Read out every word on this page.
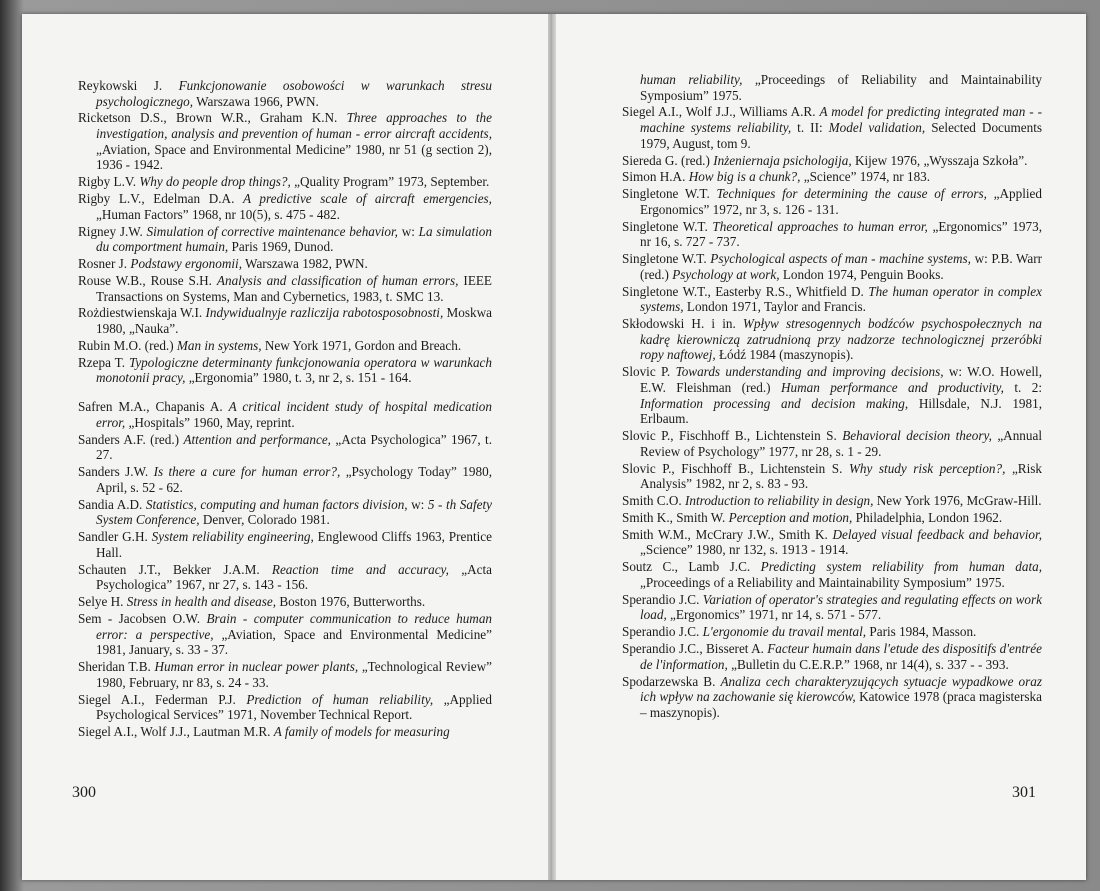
Reykowski J. Funkcjonowanie osobowości w warunkach stresu psychologicznego, Warszawa 1966, PWN.

Ricketson D.S., Brown W.R., Graham K.N. Three approaches to the investigation, analysis and prevention of human - error aircraft accidents, „Aviation, Space and Environmental Medicine” 1980, nr 51 (g section 2), 1936 - 1942.

Rigby L.V. Why do people drop things?, „Quality Program” 1973, September.

Rigby L.V., Edelman D.A. A predictive scale of aircraft emergencies, „Human Factors” 1968, nr 10(5), s. 475 - 482.

Rigney J.W. Simulation of corrective maintenance behavior, w: La simulation du comportment humain, Paris 1969, Dunod.

Rosner J. Podstawy ergonomii, Warszawa 1982, PWN.

Rouse W.B., Rouse S.H. Analysis and classification of human errors, IEEE Transactions on Systems, Man and Cybernetics, 1983, t. SMC 13.

Rożdiestwienskaja W.I. Indywidualnyje razliczija rabotosposobnosti, Moskwa 1980, „Nauka”.

Rubin M.O. (red.) Man in systems, New York 1971, Gordon and Breach.

Rzepa T. Typologiczne determinanty funkcjonowania operatora w warunkach monotonii pracy, „Ergonomia” 1980, t. 3, nr 2, s. 151 - 164.

Safren M.A., Chapanis A. A critical incident study of hospital medication error, „Hospitals” 1960, May, reprint.

Sanders A.F. (red.) Attention and performance, „Acta Psychologica” 1967, t. 27.

Sanders J.W. Is there a cure for human error?, „Psychology Today” 1980, April, s. 52 - 62.

Sandia A.D. Statistics, computing and human factors division, w: 5 - th Safety System Conference, Denver, Colorado 1981.

Sandler G.H. System reliability engineering, Englewood Cliffs 1963, Prentice Hall.

Schauten J.T., Bekker J.A.M. Reaction time and accuracy, „Acta Psychologica” 1967, nr 27, s. 143 - 156.

Selye H. Stress in health and disease, Boston 1976, Butterworths.

Sem - Jacobsen O.W. Brain - computer communication to reduce human error: a perspective, „Aviation, Space and Environmental Medicine” 1981, January, s. 33 - 37.

Sheridan T.B. Human error in nuclear power plants, „Technological Review” 1980, February, nr 83, s. 24 - 33.

Siegel A.I., Federman P.J. Prediction of human reliability, „Applied Psychological Services” 1971, November Technical Report.

Siegel A.I., Wolf J.J., Lautman M.R. A family of models for measuring

300

human reliability, „Proceedings of Reliability and Maintainability Symposium” 1975.

Siegel A.I., Wolf J.J., Williams A.R. A model for predicting integrated man - - machine systems reliability, t. II: Model validation, Selected Documents 1979, August, tom 9.

Siereda G. (red.) Inżeniernaja psichologija, Kijew 1976, „Wysszaja Szkoła”.

Simon H.A. How big is a chunk?, „Science” 1974, nr 183.

Singletone W.T. Techniques for determining the cause of errors, „Applied Ergonomics” 1972, nr 3, s. 126 - 131.

Singletone W.T. Theoretical approaches to human error, „Ergonomics” 1973, nr 16, s. 727 - 737.

Singletone W.T. Psychological aspects of man - machine systems, w: P.B. Warr (red.) Psychology at work, London 1974, Penguin Books.

Singletone W.T., Easterby R.S., Whitfield D. The human operator in complex systems, London 1971, Taylor and Francis.

Skłodowski H. i in. Wpływ stresogennych bodźców psychospołecznych na kadrę kierowniczą zatrudnioną przy nadzorze technologicznej przeróbki ropy naftowej, Łódź 1984 (maszynopis).

Slovic P. Towards understanding and improving decisions, w: W.O. Howell, E.W. Fleishman (red.) Human performance and productivity, t. 2: Information processing and decision making, Hillsdale, N.J. 1981, Erlbaum.

Slovic P., Fischhoff B., Lichtenstein S. Behavioral decision theory, „Annual Review of Psychology” 1977, nr 28, s. 1 - 29.

Slovic P., Fischhoff B., Lichtenstein S. Why study risk perception?, „Risk Analysis” 1982, nr 2, s. 83 - 93.

Smith C.O. Introduction to reliability in design, New York 1976, McGraw-Hill.

Smith K., Smith W. Perception and motion, Philadelphia, London 1962.

Smith W.M., McCrary J.W., Smith K. Delayed visual feedback and behavior, „Science” 1980, nr 132, s. 1913 - 1914.

Soutz C., Lamb J.C. Predicting system reliability from human data, „Proceedings of a Reliability and Maintainability Symposium” 1975.

Sperandio J.C. Variation of operator's strategies and regulating effects on work load, „Ergonomics” 1971, nr 14, s. 571 - 577.

Sperandio J.C. L'ergonomie du travail mental, Paris 1984, Masson.

Sperandio J.C., Bisseret A. Facteur humain dans l'etude des dispositifs d'entrée de l'information, „Bulletin du C.E.R.P.” 1968, nr 14(4), s. 337 - - 393.

Spodarzewska B. Analiza cech charakteryzujących sytuacje wypadkowe oraz ich wpływ na zachowanie się kierowców, Katowice 1978 (praca magisterska – maszynopis).

301
